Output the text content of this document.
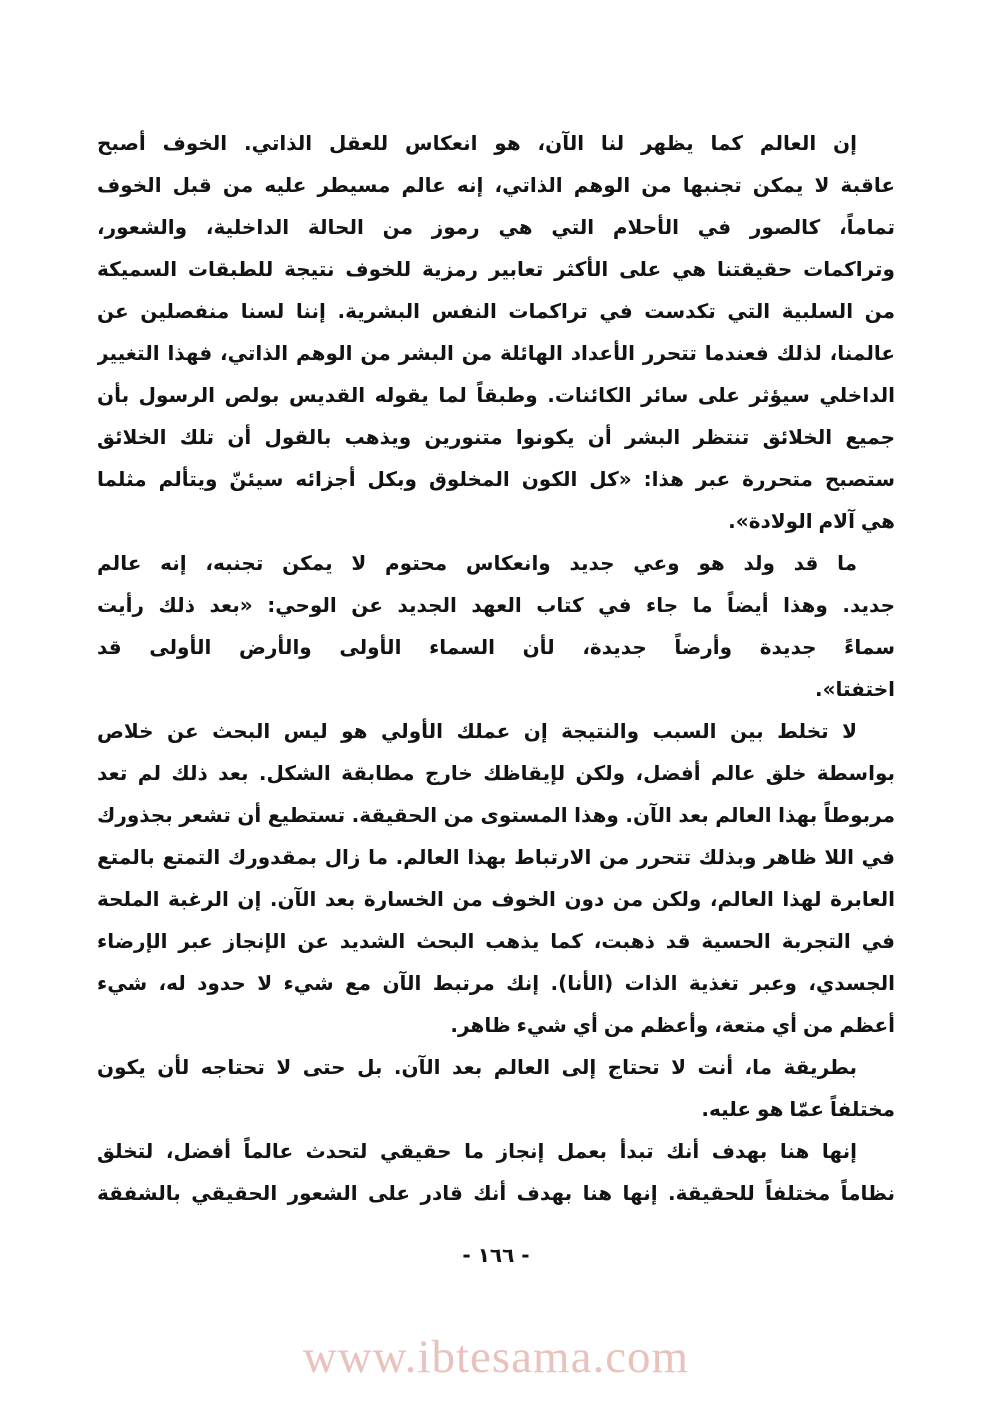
إن العالم كما يظهر لنا الآن، هو انعكاس للعقل الذاتي. الخوف أصبح
عاقبة لا يمكن تجنبها من الوهم الذاتي، إنه عالم مسيطر عليه من قبل الخوف
تماماً، كالصور في الأحلام التي هي رموز من الحالة الداخلية، والشعور،
وتراكمات حقيقتنا هي على الأكثر تعابير رمزية للخوف نتيجة للطبقات السميكة
من السلبية التي تكدست في تراكمات النفس البشرية. إننا لسنا منفصلين عن
عالمنا، لذلك فعندما تتحرر الأعداد الهائلة من البشر من الوهم الذاتي، فهذا التغيير
الداخلي سيؤثر على سائر الكائنات. وطبقاً لما يقوله القديس بولص الرسول بأن
جميع الخلائق تنتظر البشر أن يكونوا متنورين ويذهب بالقول أن تلك الخلائق
ستصبح متحررة عبر هذا: «كل الكون المخلوق وبكل أجزائه سيئنّ ويتألم مثلما
هي آلام الولادة».
ما قد ولد هو وعي جديد وانعكاس محتوم لا يمكن تجنبه، إنه عالم
جديد. وهذا أيضاً ما جاء في كتاب العهد الجديد عن الوحي: «بعد ذلك رأيت
سماءً جديدة وأرضاً جديدة، لأن السماء الأولى والأرض الأولى قد
اختفتا».
لا تخلط بين السبب والنتيجة إن عملك الأولي هو ليس البحث عن خلاص
بواسطة خلق عالم أفضل، ولكن لإيقاظك خارج مطابقة الشكل. بعد ذلك لم تعد
مربوطاً بهذا العالم بعد الآن. وهذا المستوى من الحقيقة. تستطيع أن تشعر بجذورك
في اللا ظاهر وبذلك تتحرر من الارتباط بهذا العالم. ما زال بمقدورك التمتع بالمتع
العابرة لهذا العالم، ولكن من دون الخوف من الخسارة بعد الآن. إن الرغبة الملحة
في التجربة الحسية قد ذهبت، كما يذهب البحث الشديد عن الإنجاز عبر الإرضاء
الجسدي، وعبر تغذية الذات (الأنا). إنك مرتبط الآن مع شيء لا حدود له، شيء
أعظم من أي متعة، وأعظم من أي شيء ظاهر.
بطريقة ما، أنت لا تحتاج إلى العالم بعد الآن. بل حتى لا تحتاجه لأن يكون
مختلفاً عمّا هو عليه.
إنها هنا بهدف أنك تبدأ بعمل إنجاز ما حقيقي لتحدث عالماً أفضل، لتخلق
نظاماً مختلفاً للحقيقة. إنها هنا بهدف أنك قادر على الشعور الحقيقي بالشفقة
- ١٦٦ -
www.ibtesama.com
